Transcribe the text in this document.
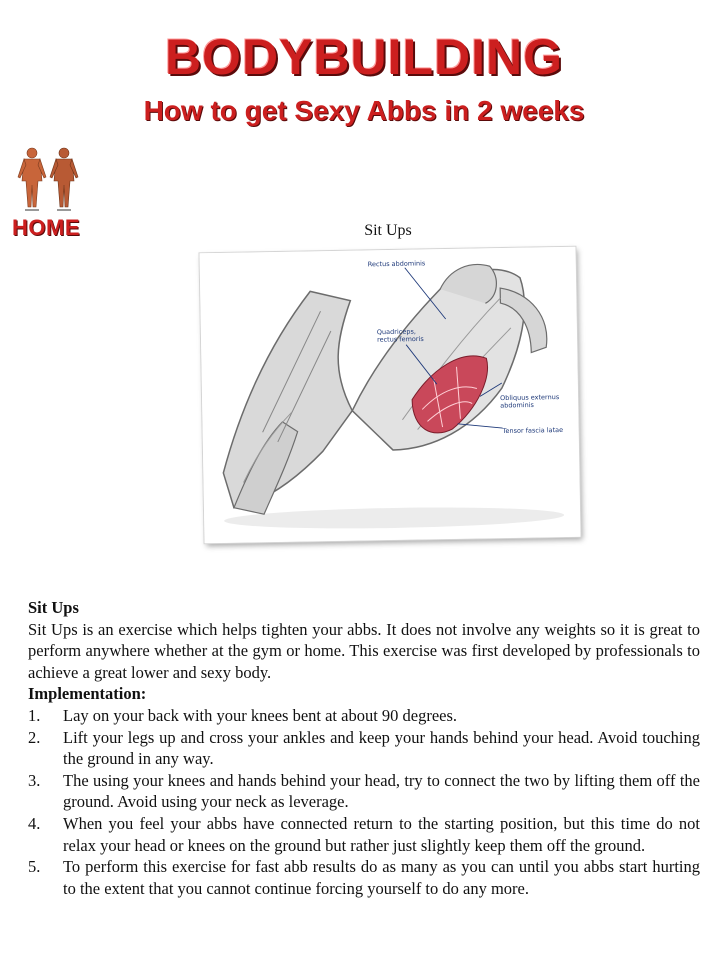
BODYBUILDING
How to get Sexy Abbs in 2 weeks
HOME	Sit Ups
Rectus abdominis
Quadriceps,rectus femoris
Obliquus externusabdominis
Tensor fascia latae

Sit Ups

Sit Ups is an exercise which helps tighten your abbs. It does not involve any weights so it is great to perform anywhere whether at the gym or home. This exercise was first developed by professionals to achieve a great lower and sexy body.

Implementation:

1. Lay on your back with your knees bent at about 90 degrees.
2. Lift your legs up and cross your ankles and keep your hands behind your head. Avoid touching the ground in any way.
3. The using your knees and hands behind your head, try to connect the two by lifting them off the ground. Avoid using your neck as leverage.
4. When you feel your abbs have connected return to the starting position, but this time do not relax your head or knees on the ground but rather just slightly keep them off the ground.
5. To perform this exercise for fast abb results do as many as you can until you abbs start hurting to the extent that you cannot continue forcing yourself to do any more.
